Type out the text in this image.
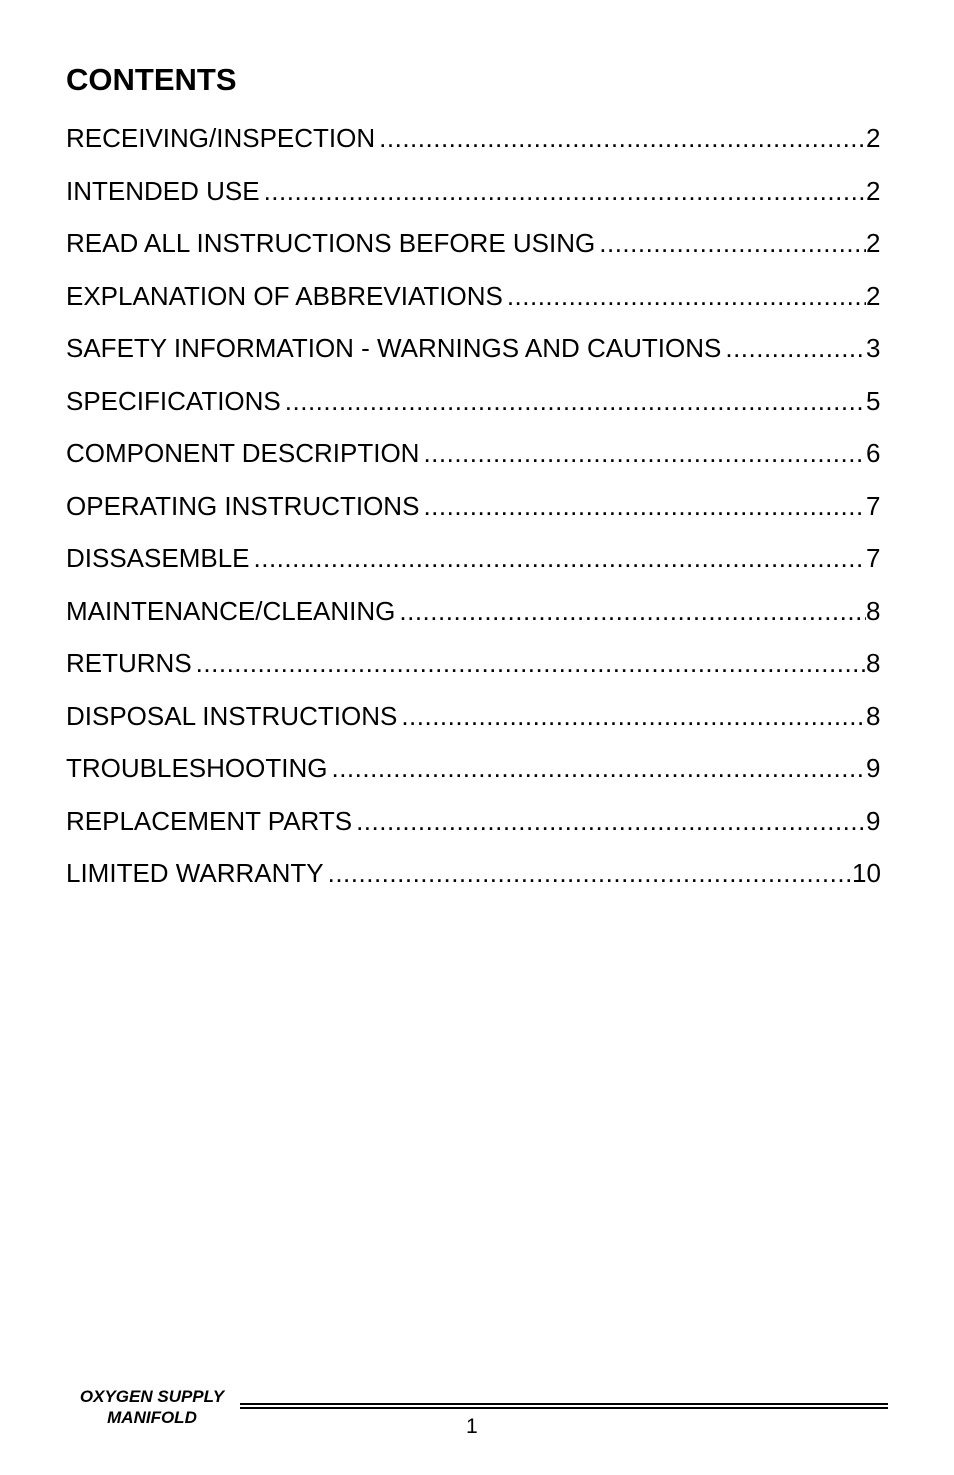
CONTENTS
RECEIVING/INSPECTION .....	2
INTENDED USE .....	2
READ ALL INSTRUCTIONS BEFORE USING .....	2
EXPLANATION OF ABBREVIATIONS .....	2
SAFETY INFORMATION - WARNINGS AND CAUTIONS .....	3
SPECIFICATIONS .....	5
COMPONENT DESCRIPTION .....	6
OPERATING INSTRUCTIONS .....	7
DISSASEMBLE .....	7
MAINTENANCE/CLEANING .....	8
RETURNS .....	8
DISPOSAL INSTRUCTIONS .....	8
TROUBLESHOOTING .....	9
REPLACEMENT PARTS .....	9
LIMITED WARRANTY .....	10
OXYGEN SUPPLY
MANIFOLD	1
